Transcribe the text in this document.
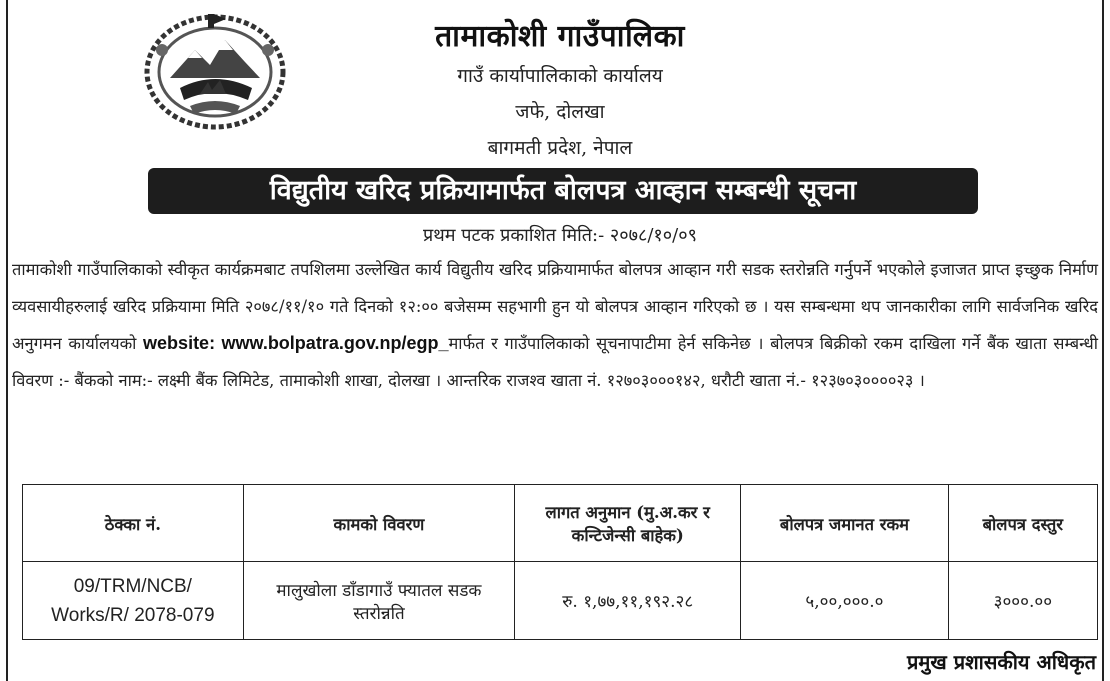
तामाकोशी गाउँपालिका
गाउँ कार्यापालिकाको कार्यालय
जफे, दोलखा
बागमती प्रदेश, नेपाल
विद्युतीय खरिद प्रक्रियामार्फत बोलपत्र आव्हान सम्बन्धी सूचना
प्रथम पटक प्रकाशित मिति:- २०७८/१०/०९

तामाकोशी गाउँपालिकाको स्वीकृत कार्यक्रमबाट तपशिलमा उल्लेखित कार्य विद्युतीय खरिद प्रक्रियामार्फत बोलपत्र आव्हान गरी सडक स्तरोन्नति गर्नुपर्ने भएकोले इजाजत प्राप्त इच्छुक निर्माण व्यवसायीहरुलाई खरिद प्रक्रियामा मिति २०७८/११/१० गते दिनको १२:०० बजेसम्म सहभागी हुन यो बोलपत्र आव्हान गरिएको छ । यस सम्बन्धमा थप जानकारीका लागि सार्वजनिक खरिद अनुगमन कार्यालयको website: www.bolpatra.gov.np/egp_मार्फत र गाउँपालिकाको सूचनापाटीमा हेर्न सकिनेछ । बोलपत्र बिक्रीको रकम दाखिला गर्ने बैंक खाता सम्बन्धी विवरण :- बैंकको नाम:- लक्ष्मी बैंक लिमिटेड, तामाकोशी शाखा, दोलखा । आन्तरिक राजश्व खाता नं. १२७०३०००१४२, धरौटी खाता नं.- १२३७०३००००२३ ।

ठेक्का नं.	कामको विवरण	लागत अनुमान (मु.अ.कर र कन्टिजेन्सी बाहेक)	बोलपत्र जमानत रकम	बोलपत्र दस्तुर
09/TRM/NCB/
Works/R/ 2078-079	मालुखोला डाँडागाउँ फ्यातल सडक स्तरोन्नति	रु. १,७७,११,१९२.२८	५,००,०००.०	३०००.००
प्रमुख प्रशासकीय अधिकृत
